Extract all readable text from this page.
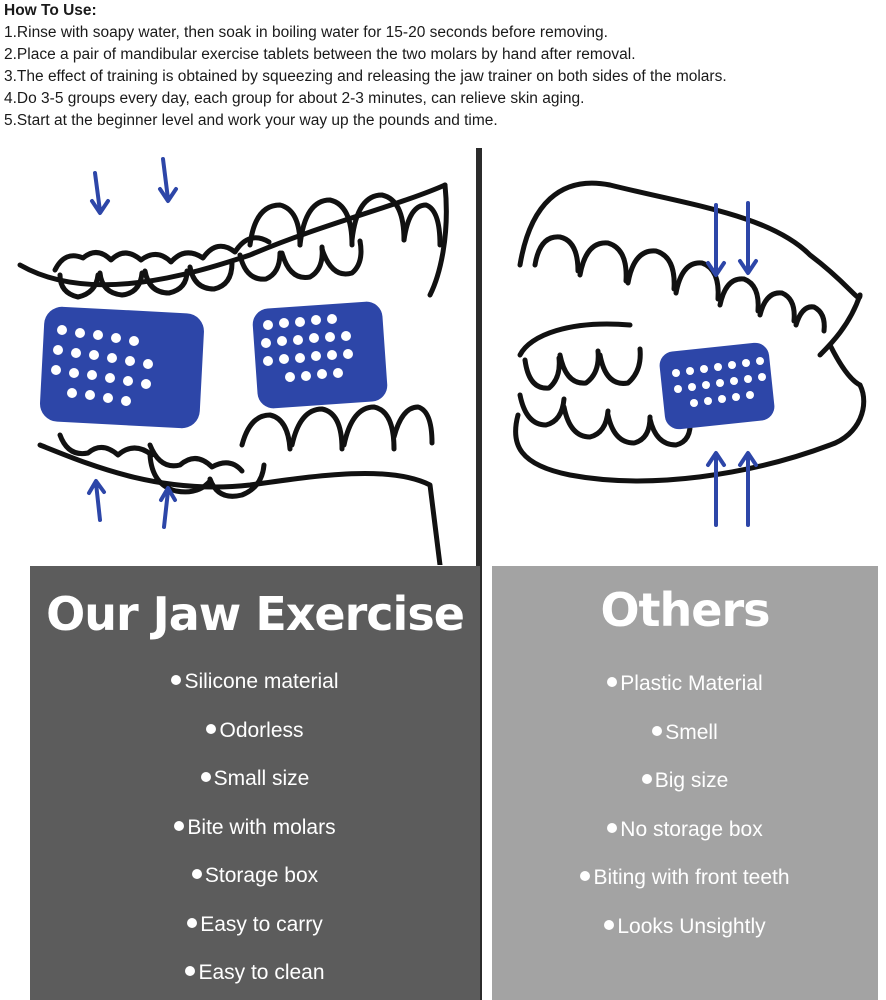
How To Use:
1.Rinse with soapy water, then soak in boiling water for 15-20 seconds before removing.
2.Place a pair of mandibular exercise tablets between the two molars by hand after removal.
3.The effect of training is obtained by squeezing and releasing the jaw trainer on both sides of the molars.
4.Do 3-5 groups every day, each group for about 2-3 minutes, can relieve skin aging.
5.Start at the beginner level and work your way up the pounds and time.
Our Jaw Exercise
Silicone material
Odorless
Small size
Bite with molars
Storage box
Easy to carry
Easy to clean
Others
Plastic Material
Smell
Big size
No storage box
Biting with front teeth
Looks Unsightly
